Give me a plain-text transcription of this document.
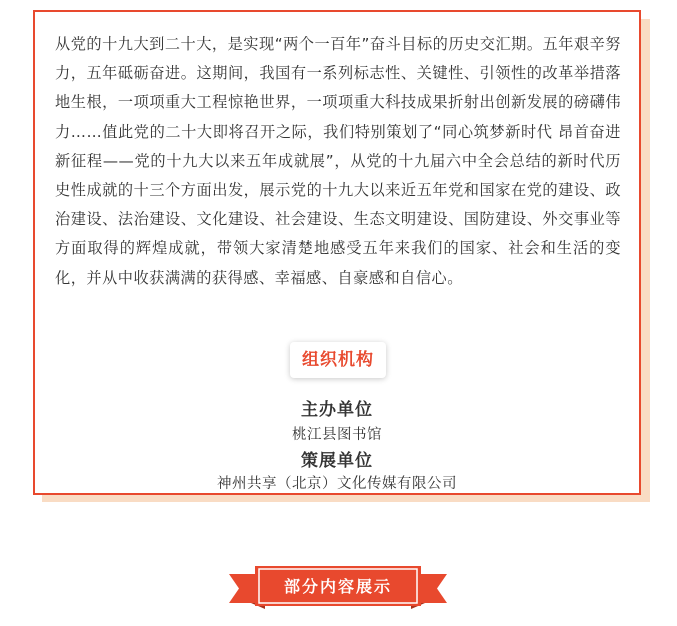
从党的十九大到二十大，是实现“两个一百年”奋斗目标的历史交汇期。五年艰辛努力，五年砥砺奋进。这期间，我国有一系列标志性、关键性、引领性的改革举措落地生根，一项项重大工程惊艳世界，一项项重大科技成果折射出创新发展的磅礴伟力……值此党的二十大即将召开之际，我们特别策划了“同心筑梦新时代 昂首奋进新征程——党的十九大以来五年成就展”，从党的十九届六中全会总结的新时代历史性成就的十三个方面出发，展示党的十九大以来近五年党和国家在党的建设、政治建设、法治建设、文化建设、社会建设、生态文明建设、国防建设、外交事业等方面取得的辉煌成就，带领大家清楚地感受五年来我们的国家、社会和生活的变化，并从中收获满满的获得感、幸福感、自豪感和自信心。

组织机构
主办单位
桃江县图书馆
策展单位
神州共享（北京）文化传媒有限公司
部分内容展示
